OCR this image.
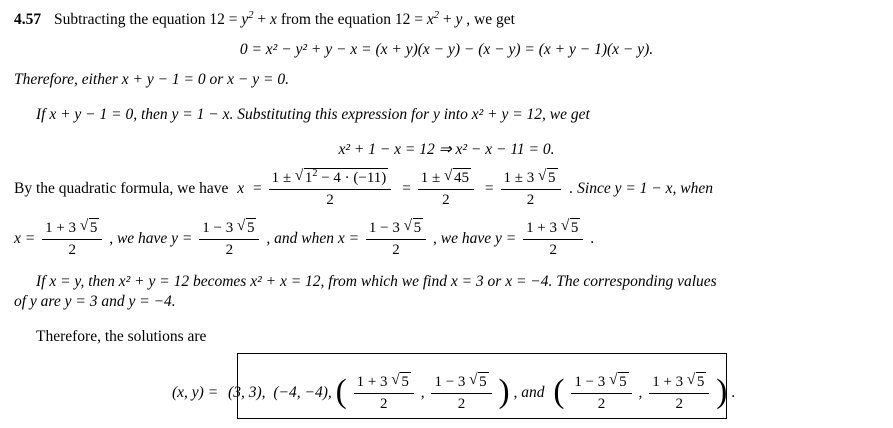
4.57 Subtracting the equation $12 = y^2 + x$ from the equation $12 = x^2 + y$ , we get
0 = x² − y² + y − x = (x + y)(x − y) − (x − y) = (x + y − 1)(x − y).
Therefore, either x + y − 1 = 0 or x − y = 0.
If x + y − 1 = 0, then y = 1 − x. Substituting this expression for y into x² + y = 12, we get
x² + 1 − x = 12 ⇒ x² − x − 11 = 0.
By the quadratic formula, we have $x = \frac{1 \pm √ 1^2 - 4 \cdot (-11)}{2} = \frac{1 \pm √ 45}{2} = \frac{1 \pm 3 √ 5}{2}$ . Since y = 1 − x, when
$x = \frac{1 + 3 √ 5}{2}$ , we have $y = \frac{1 - 3 √ 5}{2}$ , and when $x = \frac{1 - 3 √ 5}{2}$ , we have $y = \frac{1 + 3 √ 5}{2}$ .
If x = y, then x² + y = 12 becomes x² + x = 12, from which we find x = 3 or x = −4. The corresponding values
of y are y = 3 and y = −4.
Therefore, the solutions are
(x, y) = (3, 3), (−4, −4), ( $\frac{1 + 3 √ 5}{2}$ , $\frac{1 - 3 √ 5}{2}$ ) , and ( $\frac{1 - 3 √ 5}{2}$ , $\frac{1 + 3 √ 5}{2}$ ) .
